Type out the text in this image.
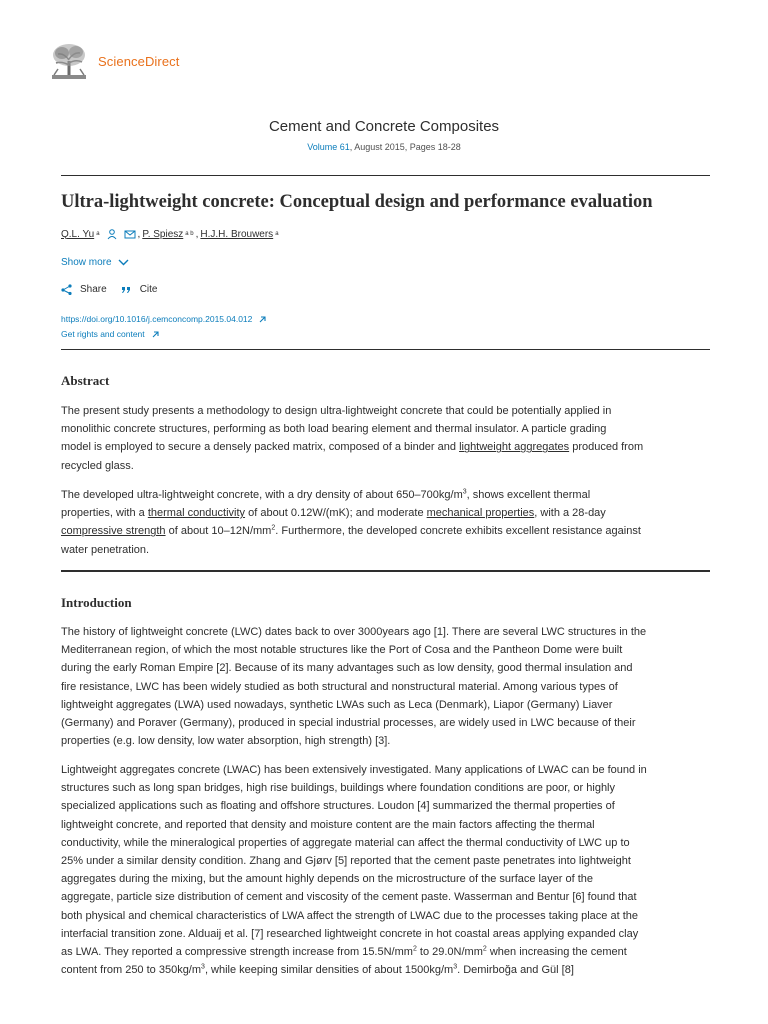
ScienceDirect
Cement and Concrete Composites
Volume 61, August 2015, Pages 18-28
Ultra-lightweight concrete: Conceptual design and performance evaluation
Q.L. Yu a	, P. Spiesz a b , H.J.H. Brouwers a
Show more
Share	Cite
https://doi.org/10.1016/j.cemconcomp.2015.04.012
Get rights and content
Abstract
The present study presents a methodology to design ultra-lightweight concrete that could be potentially applied in
monolithic concrete structures, performing as both load bearing element and thermal insulator. A particle grading
model is employed to secure a densely packed matrix, composed of a binder and lightweight aggregates produced from
recycled glass.
The developed ultra-lightweight concrete, with a dry density of about $650-700kg/m^3$, shows excellent thermal
properties, with a thermal conductivity of about 0.12W/(mK); and moderate mechanical properties, with a 28-day
compressive strength of about $10-12N/mm^2$. Furthermore, the developed concrete exhibits excellent resistance against
water penetration.
Introduction
The history of lightweight concrete (LWC) dates back to over 3000years ago [1]. There are several LWC structures in the
Mediterranean region, of which the most notable structures like the Port of Cosa and the Pantheon Dome were built
during the early Roman Empire [2]. Because of its many advantages such as low density, good thermal insulation and
fire resistance, LWC has been widely studied as both structural and nonstructural material. Among various types of
lightweight aggregates (LWA) used nowadays, synthetic LWAs such as Leca (Denmark), Liapor (Germany) Liaver
(Germany) and Poraver (Germany), produced in special industrial processes, are widely used in LWC because of their
properties (e.g. low density, low water absorption, high strength) [3].
Lightweight aggregates concrete (LWAC) has been extensively investigated. Many applications of LWAC can be found in
structures such as long span bridges, high rise buildings, buildings where foundation conditions are poor, or highly
specialized applications such as floating and offshore structures. Loudon [4] summarized the thermal properties of
lightweight concrete, and reported that density and moisture content are the main factors affecting the thermal
conductivity, while the mineralogical properties of aggregate material can affect the thermal conductivity of LWC up to
25% under a similar density condition. Zhang and Gjørv [5] reported that the cement paste penetrates into lightweight
aggregates during the mixing, but the amount highly depends on the microstructure of the surface layer of the
aggregate, particle size distribution of cement and viscosity of the cement paste. Wasserman and Bentur [6] found that
both physical and chemical characteristics of LWA affect the strength of LWAC due to the processes taking place at the
interfacial transition zone. Alduaij et al. [7] researched lightweight concrete in hot coastal areas applying expanded clay
as LWA. They reported a compressive strength increase from $15.5N/mm^2$ to $29.0N/mm^2$ when increasing the cement
content from 250 to $350kg/m^3$, while keeping similar densities of about $1500kg/m^3$. Demirboğa and Gül [8]
